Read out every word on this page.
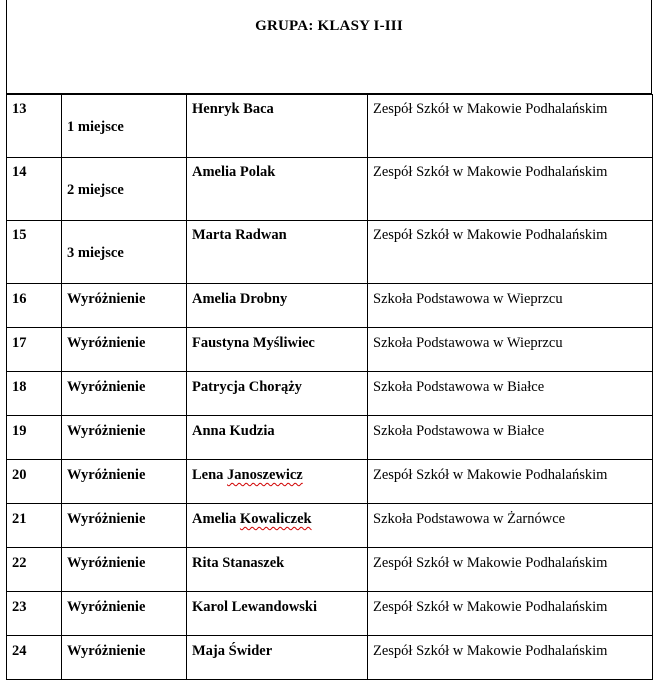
GRUPA: KLASY I-III
13	1 miejsce	Henryk Baca	Zespół Szkół w Makowie Podhalańskim
14	2 miejsce	Amelia Polak	Zespół Szkół w Makowie Podhalańskim
15	3 miejsce	Marta Radwan	Zespół Szkół w Makowie Podhalańskim
16	Wyróżnienie	Amelia Drobny	Szkoła Podstawowa w Wieprzcu
17	Wyróżnienie	Faustyna Myśliwiec	Szkoła Podstawowa w Wieprzcu
18	Wyróżnienie	Patrycja Chorąży	Szkoła Podstawowa w Białce
19	Wyróżnienie	Anna Kudzia	Szkoła Podstawowa w Białce
20	Wyróżnienie	Lena Janoszewicz	Zespół Szkół w Makowie Podhalańskim
21	Wyróżnienie	Amelia Kowaliczek	Szkoła Podstawowa w Żarnówce
22	Wyróżnienie	Rita Stanaszek	Zespół Szkół w Makowie Podhalańskim
23	Wyróżnienie	Karol Lewandowski	Zespół Szkół w Makowie Podhalańskim
24	Wyróżnienie	Maja Świder	Zespół Szkół w Makowie Podhalańskim
